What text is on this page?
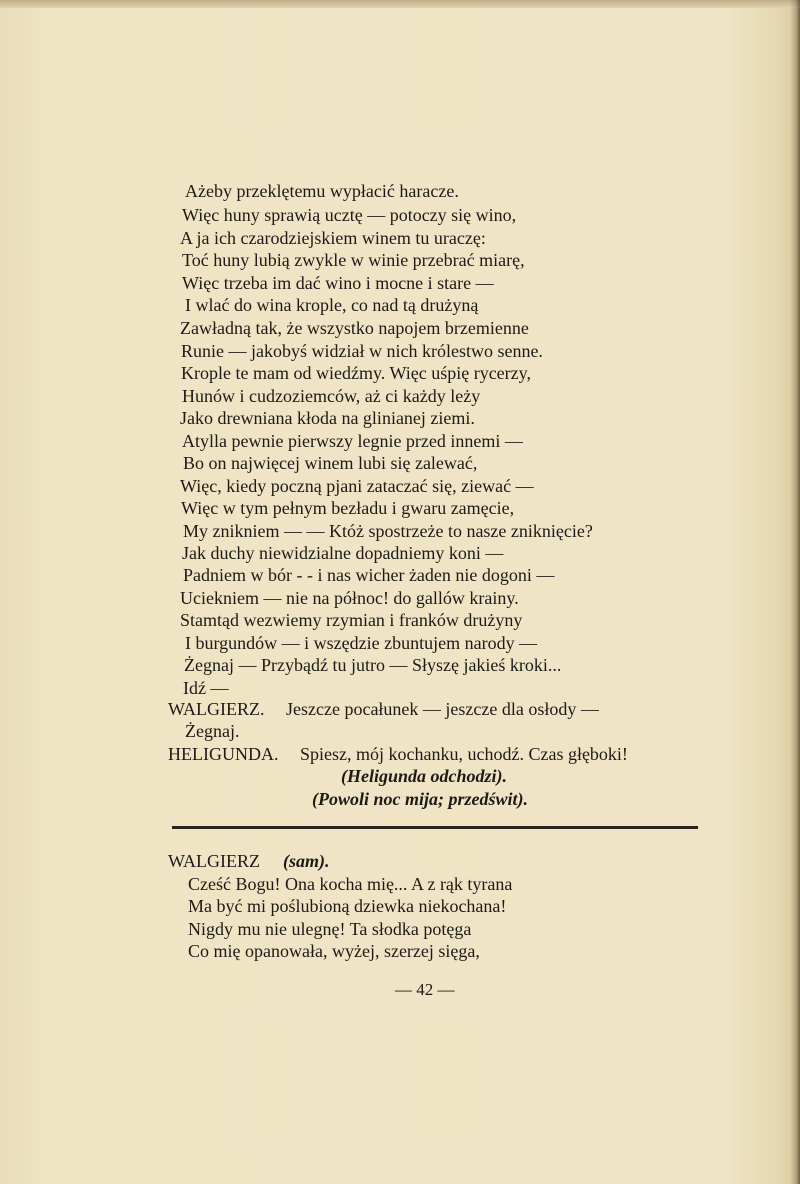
Ażeby przeklętemu wypłacić haracze.
Więc huny sprawią ucztę — potoczy się wino,
A ja ich czarodziejskiem winem tu uraczę:
Toć huny lubią zwykle w winie przebrać miarę,
Więc trzeba im dać wino i mocne i stare —
I wlać do wina krople, co nad tą drużyną
Zawładną tak, że wszystko napojem brzemienne
Runie — jakobyś widział w nich królestwo senne.
Krople te mam od wiedźmy. Więc uśpię rycerzy,
Hunów i cudzoziemców, aż ci każdy leży
Jako drewniana kłoda na glinianej ziemi.
Atylla pewnie pierwszy legnie przed innemi —
Bo on najwięcej winem lubi się zalewać,
Więc, kiedy poczną pjani zataczać się, ziewać —
Więc w tym pełnym bezładu i gwaru zamęcie,
My znikniem — — Któż spostrzeże to nasze zniknięcie?
Jak duchy niewidzialne dopadniemy koni —
Padniem w bór - - i nas wicher żaden nie dogoni —
Uciekniem — nie na północ! do gallów krainy.
Stamtąd wezwiemy rzymian i franków drużyny
I burgundów — i wszędzie zbuntujem narody —
Żegnaj — Przybądź tu jutro — Słyszę jakieś kroki...
Idź —
WALGIERZ. Jeszcze pocałunek — jeszcze dla osłody —
Żegnaj.
HELIGUNDA. Spiesz, mój kochanku, uchodź. Czas głęboki!
(Heligunda odchodzi).
(Powoli noc mija; przedświt).
WALGIERZ (sam).
Cześć Bogu! Ona kocha mię... A z rąk tyrana
Ma być mi poślubioną dziewka niekochana!
Nigdy mu nie ulegnę! Ta słodka potęga
Co mię opanowała, wyżej, szerzej sięga,
— 42 —
